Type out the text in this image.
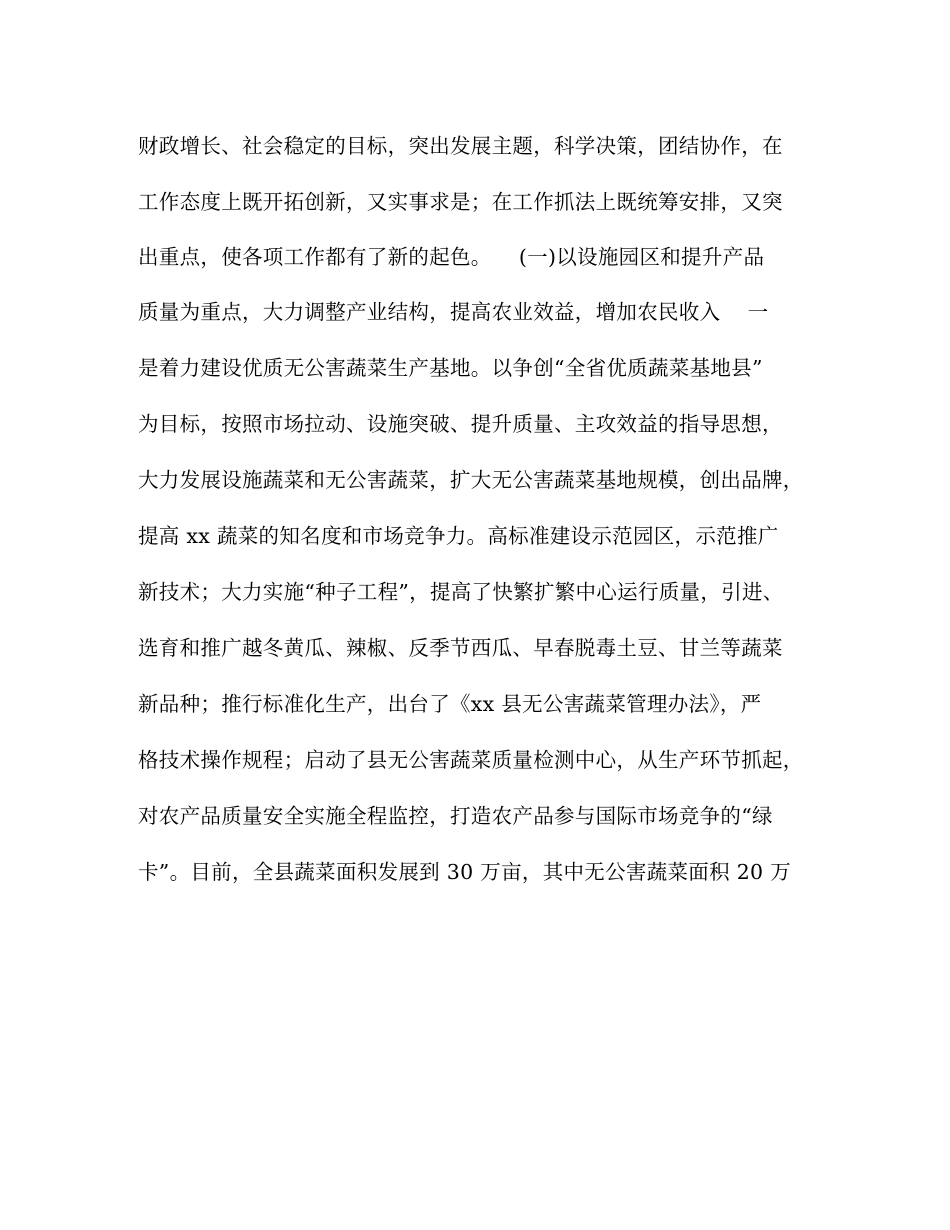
财政增长、社会稳定的目标，突出发展主题，科学决策，团结协作，在
工作态度上既开拓创新，又实事求是；在工作抓法上既统筹安排，又突
出重点，使各项工作都有了新的起色。    (一)以设施园区和提升产品
质量为重点，大力调整产业结构，提高农业效益，增加农民收入    一
是着力建设优质无公害蔬菜生产基地。以争创“全省优质蔬菜基地县”
为目标，按照市场拉动、设施突破、提升质量、主攻效益的指导思想，
大力发展设施蔬菜和无公害蔬菜，扩大无公害蔬菜基地规模，创出品牌，
提高 xx 蔬菜的知名度和市场竞争力。高标准建设示范园区，示范推广
新技术；大力实施“种子工程”，提高了快繁扩繁中心运行质量，引进、
选育和推广越冬黄瓜、辣椒、反季节西瓜、早春脱毒土豆、甘兰等蔬菜
新品种；推行标准化生产，出台了《xx 县无公害蔬菜管理办法》，严
格技术操作规程；启动了县无公害蔬菜质量检测中心，从生产环节抓起，
对农产品质量安全实施全程监控，打造农产品参与国际市场竞争的“绿
卡”。目前，全县蔬菜面积发展到 30 万亩，其中无公害蔬菜面积 20 万
